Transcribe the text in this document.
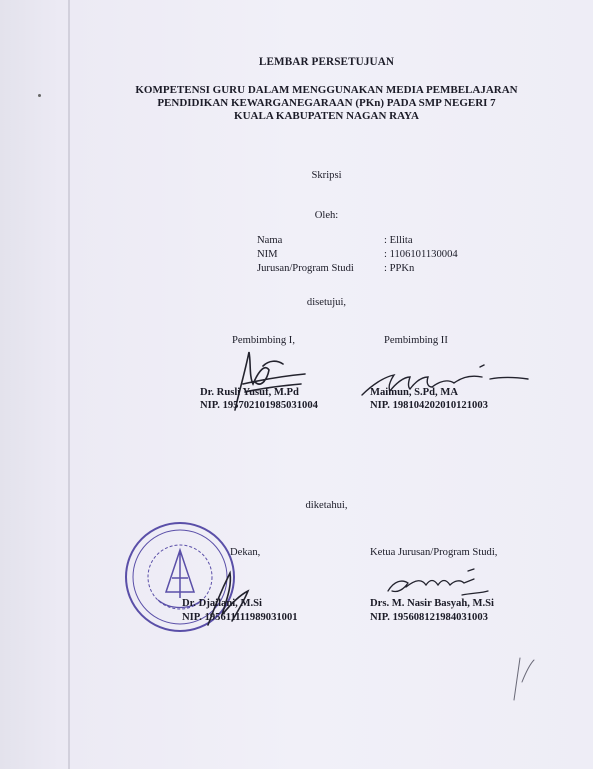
LEMBAR PERSETUJUAN
KOMPETENSI GURU DALAM MENGGUNAKAN MEDIA PEMBELAJARAN
PENDIDIKAN KEWARGANEGARAAN (PKn) PADA SMP NEGERI 7
KUALA KABUPATEN NAGAN RAYA
Skripsi
Oleh:
Nama	: Ellita
NIM	: 1106101130004
Jurusan/Program Studi	: PPKn
disetujui,
Pembimbing I,	Pembimbing II
Dr. Rusli Yusuf, M.Pd
NIP. 195702101985031004
Maimun, S.Pd, MA
NIP. 198104202010121003
diketahui,
Dekan,	Ketua Jurusan/Program Studi,
Dr. Djailani, M.Si
NIP. 195611111989031001
Drs. M. Nasir Basyah, M.Si
NIP. 195608121984031003
